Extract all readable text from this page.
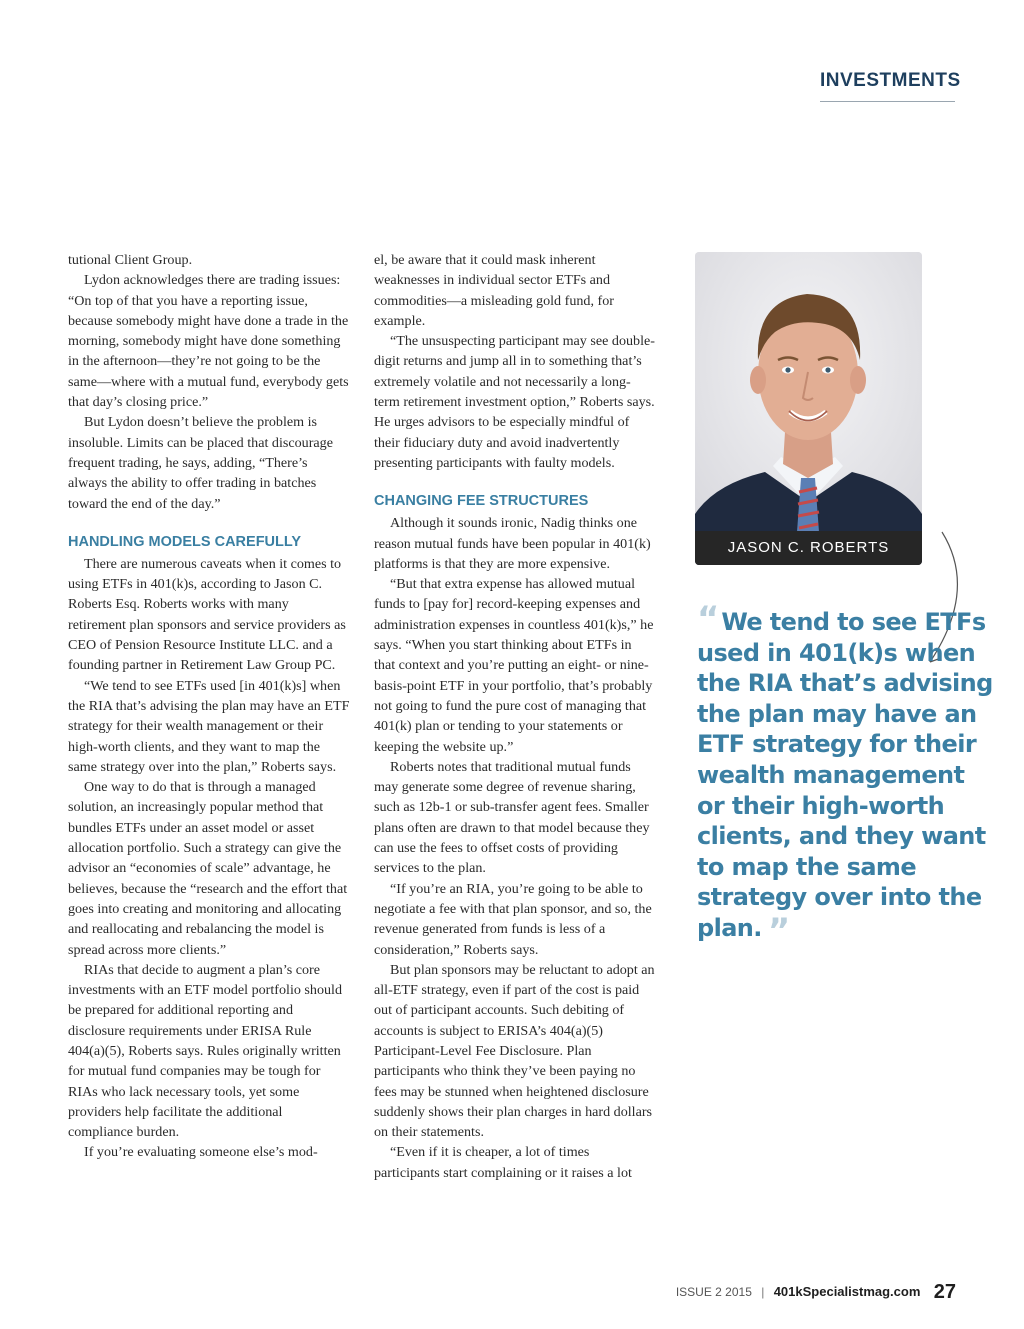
INVESTMENTS

tutional Client Group.

Lydon acknowledges there are trading issues: “On top of that you have a reporting issue, because somebody might have done a trade in the morning, somebody might have done something in the afternoon—they’re not going to be the same—where with a mutual fund, everybody gets that day’s closing price.”

But Lydon doesn’t believe the problem is insoluble. Limits can be placed that discourage frequent trading, he says, adding, “There’s always the ability to offer trading in batches toward the end of the day.”

HANDLING MODELS CAREFULLY

There are numerous caveats when it comes to using ETFs in 401(k)s, according to Jason C. Roberts Esq. Roberts works with many retirement plan sponsors and service providers as CEO of Pension Resource Institute LLC. and a founding partner in Retirement Law Group PC.

“We tend to see ETFs used [in 401(k)s] when the RIA that’s advising the plan may have an ETF strategy for their wealth management or their high-worth clients, and they want to map the same strategy over into the plan,” Roberts says.

One way to do that is through a managed solution, an increasingly popular method that bundles ETFs under an asset model or asset allocation portfolio. Such a strategy can give the advisor an “economies of scale” advantage, he believes, because the “research and the effort that goes into creating and monitoring and allocating and reallocating and rebalancing the model is spread across more clients.”

RIAs that decide to augment a plan’s core investments with an ETF model portfolio should be prepared for additional reporting and disclosure requirements under ERISA Rule 404(a)(5), Roberts says. Rules originally written for mutual fund companies may be tough for RIAs who lack necessary tools, yet some providers help facilitate the additional compliance burden.

If you’re evaluating someone else’s mod-

el, be aware that it could mask inherent weaknesses in individual sector ETFs and commodities—a misleading gold fund, for example.

“The unsuspecting participant may see double-digit returns and jump all in to something that’s extremely volatile and not necessarily a long-term retirement investment option,” Roberts says. He urges advisors to be especially mindful of their fiduciary duty and avoid inadvertently presenting participants with faulty models.

CHANGING FEE STRUCTURES

Although it sounds ironic, Nadig thinks one reason mutual funds have been popular in 401(k) platforms is that they are more expensive.

“But that extra expense has allowed mutual funds to [pay for] record-keeping expenses and administration expenses in countless 401(k)s,” he says. “When you start thinking about ETFs in that context and you’re putting an eight- or nine-basis-point ETF in your portfolio, that’s probably not going to fund the pure cost of managing that 401(k) plan or tending to your statements or keeping the website up.”

Roberts notes that traditional mutual funds may generate some degree of revenue sharing, such as 12b-1 or sub-transfer agent fees. Smaller plans often are drawn to that model because they can use the fees to offset costs of providing services to the plan.

“If you’re an RIA, you’re going to be able to negotiate a fee with that plan sponsor, and so, the revenue generated from funds is less of a consideration,” Roberts says.

But plan sponsors may be reluctant to adopt an all-ETF strategy, even if part of the cost is paid out of participant accounts. Such debiting of accounts is subject to ERISA’s 404(a)(5) Participant-Level Fee Disclosure. Plan participants who think they’ve been paying no fees may be stunned when heightened disclosure suddenly shows their plan charges in hard dollars on their statements.

“Even if it is cheaper, a lot of times participants start complaining or it raises a lot

JASON C. ROBERTS
“ We tend to see ETFs used in 401(k)s when the RIA that’s advising the plan may have an ETF strategy for their wealth management or their high-worth clients, and they want to map the same strategy over into the plan. ”
ISSUE 2 2015 | 401kSpecialistmag.com 27
